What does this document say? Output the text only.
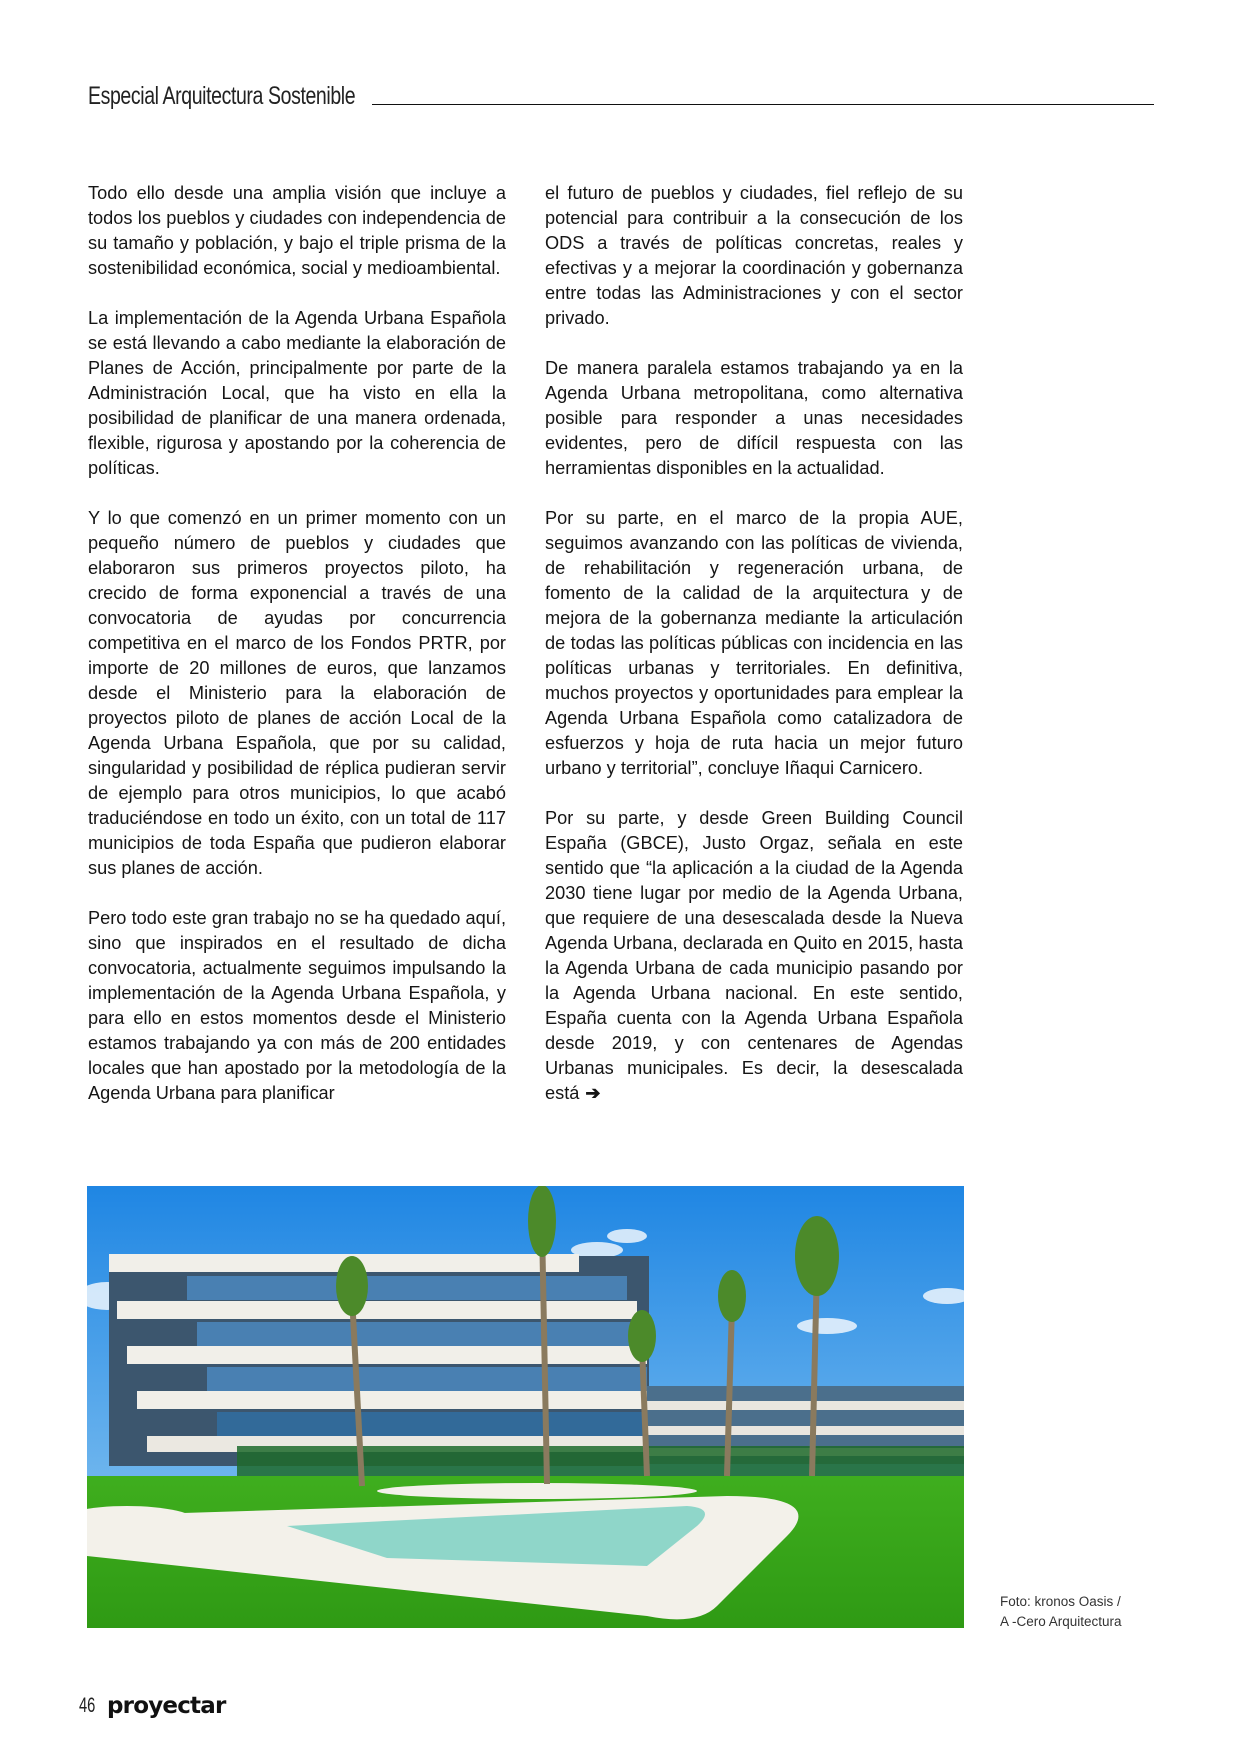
Especial Arquitectura Sostenible

Todo ello desde una amplia visión que incluye a todos los pueblos y ciudades con independencia de su tamaño y población, y bajo el triple prisma de la sostenibilidad económica, social y medioambiental.

La implementación de la Agenda Urbana Española se está llevando a cabo mediante la elaboración de Planes de Acción, principalmente por parte de la Administración Local, que ha visto en ella la posibilidad de planificar de una manera ordenada, flexible, rigurosa y apostando por la coherencia de políticas.

Y lo que comenzó en un primer momento con un pequeño número de pueblos y ciudades que elaboraron sus primeros proyectos piloto, ha crecido de forma exponencial a través de una convocatoria de ayudas por concurrencia competitiva en el marco de los Fondos PRTR, por importe de 20 millones de euros, que lanzamos desde el Ministerio para la elaboración de proyectos piloto de planes de acción Local de la Agenda Urbana Española, que por su calidad, singularidad y posibilidad de réplica pudieran servir de ejemplo para otros municipios, lo que acabó traduciéndose en todo un éxito, con un total de 117 municipios de toda España que pudieron elaborar sus planes de acción.

Pero todo este gran trabajo no se ha quedado aquí, sino que inspirados en el resultado de dicha convocatoria, actualmente seguimos impulsando la implementación de la Agenda Urbana Española, y para ello en estos momentos desde el Ministerio estamos trabajando ya con más de 200 entidades locales que han apostado por la metodología de la Agenda Urbana para planificar

el futuro de pueblos y ciudades, fiel reflejo de su potencial para contribuir a la consecución de los ODS a través de políticas concretas, reales y efectivas y a mejorar la coordinación y gobernanza entre todas las Administraciones y con el sector privado.

De manera paralela estamos trabajando ya en la Agenda Urbana metropolitana, como alternativa posible para responder a unas necesidades evidentes, pero de difícil respuesta con las herramientas disponibles en la actualidad.

Por su parte, en el marco de la propia AUE, seguimos avanzando con las políticas de vivienda, de rehabilitación y regeneración urbana, de fomento de la calidad de la arquitectura y de mejora de la gobernanza mediante la articulación de todas las políticas públicas con incidencia en las políticas urbanas y territoriales. En definitiva, muchos proyectos y oportunidades para emplear la Agenda Urbana Española como catalizadora de esfuerzos y hoja de ruta hacia un mejor futuro urbano y territorial”, concluye Iñaqui Carnicero.

Por su parte, y desde Green Building Council España (GBCE), Justo Orgaz, señala en este sentido que “la aplicación a la ciudad de la Agenda 2030 tiene lugar por medio de la Agenda Urbana, que requiere de una desescalada desde la Nueva Agenda Urbana, declarada en Quito en 2015, hasta la Agenda Urbana de cada municipio pasando por la Agenda Urbana nacional. En este sentido, España cuenta con la Agenda Urbana Española desde 2019, y con centenares de Agendas Urbanas municipales. Es decir, la desescalada está ➔

Foto: kronos Oasis /
A -Cero Arquitectura
46 proyectar
